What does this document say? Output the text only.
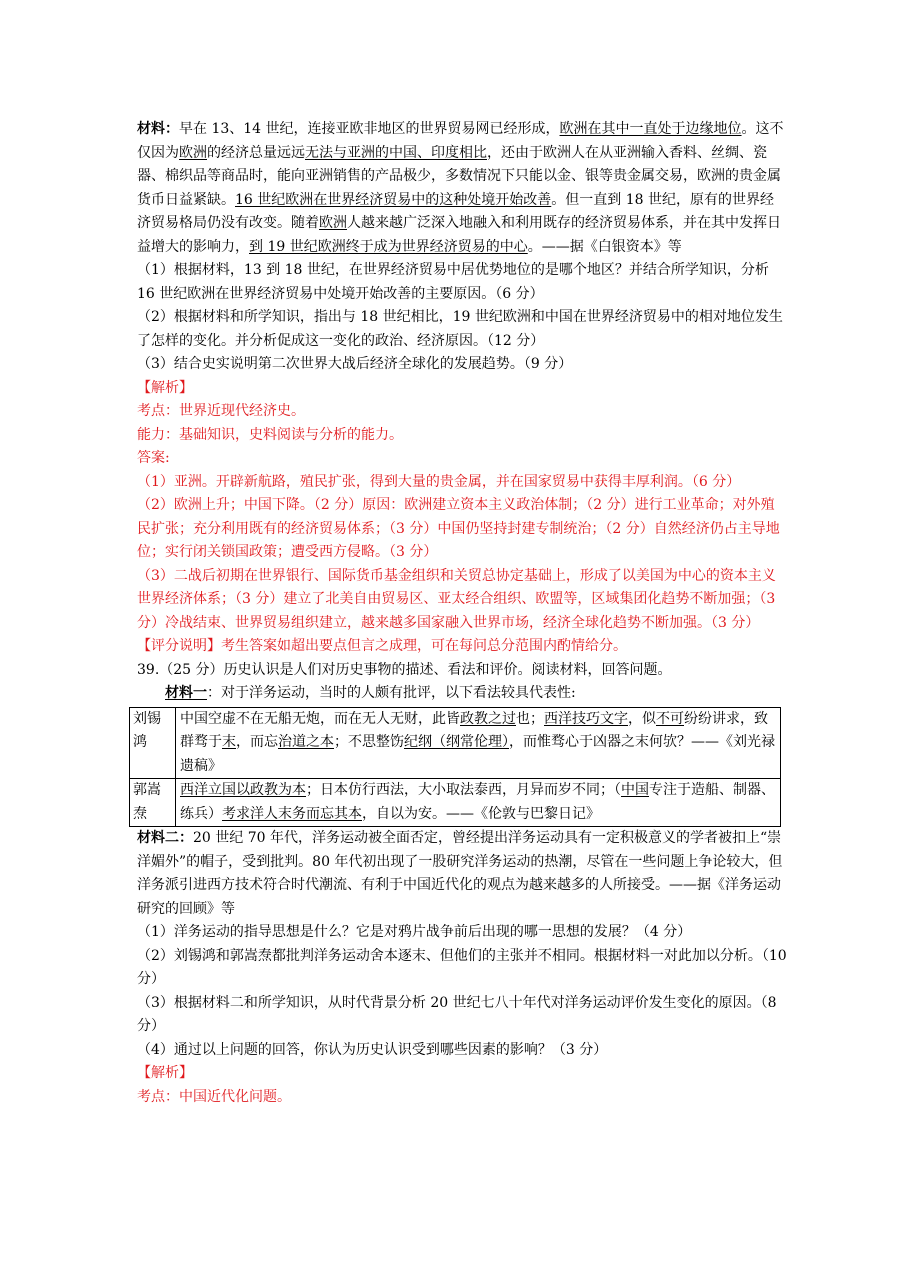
材料：早在 13、14 世纪，连接亚欧非地区的世界贸易网已经形成，欧洲在其中一直处于边缘地位。这不仅因为欧洲的经济总量远远无法与亚洲的中国、印度相比，还由于欧洲人在从亚洲输入香料、丝绸、瓷器、棉织品等商品时，能向亚洲销售的产品极少，多数情况下只能以金、银等贵金属交易，欧洲的贵金属货币日益紧缺。16 世纪欧洲在世界经济贸易中的这种处境开始改善。但一直到 18 世纪，原有的世界经济贸易格局仍没有改变。随着欧洲人越来越广泛深入地融入和利用既存的经济贸易体系，并在其中发挥日益增大的影响力，到 19 世纪欧洲终于成为世界经济贸易的中心。——据《白银资本》等

（1）根据材料，13 到 18 世纪，在世界经济贸易中居优势地位的是哪个地区？并结合所学知识，分析 16 世纪欧洲在世界经济贸易中处境开始改善的主要原因。（6 分）

（2）根据材料和所学知识，指出与 18 世纪相比，19 世纪欧洲和中国在世界经济贸易中的相对地位发生了怎样的变化。并分析促成这一变化的政治、经济原因。（12 分）

（3）结合史实说明第二次世界大战后经济全球化的发展趋势。（9 分）

【解析】

考点：世界近现代经济史。

能力：基础知识，史料阅读与分析的能力。

答案:

（1）亚洲。开辟新航路，殖民扩张，得到大量的贵金属，并在国家贸易中获得丰厚利润。（6 分）

（2）欧洲上升；中国下降。（2 分）原因：欧洲建立资本主义政治体制；（2 分）进行工业革命；对外殖民扩张；充分利用既有的经济贸易体系；（3 分）中国仍坚持封建专制统治；（2 分）自然经济仍占主导地位；实行闭关锁国政策；遭受西方侵略。（3 分）

（3）二战后初期在世界银行、国际货币基金组织和关贸总协定基础上，形成了以美国为中心的资本主义世界经济体系；（3 分）建立了北美自由贸易区、亚太经合组织、欧盟等，区域集团化趋势不断加强；（3 分）冷战结束、世界贸易组织建立，越来越多国家融入世界市场，经济全球化趋势不断加强。（3 分）

【评分说明】考生答案如超出要点但言之成理，可在每问总分范围内酌情给分。

39.（25 分）历史认识是人们对历史事物的描述、看法和评价。阅读材料，回答问题。

材料一：对于洋务运动，当时的人颇有批评，以下看法较具代表性:

刘锡鸿	中国空虚不在无船无炮，而在无人无财，此皆政教之过也；西洋技巧文字，似不可纷纷讲求，致群骛于末，而忘治道之本；不思整饬纪纲（纲常伦理），而惟骛心于凶器之末何欤？——《刘光禄遗稿》
郭嵩焘	西洋立国以政教为本；日本仿行西法，大小取法泰西，月异而岁不同；（中国专注于造船、制器、练兵）考求洋人末务而忘其本，自以为安。——《伦敦与巴黎日记》

材料二：20 世纪 70 年代，洋务运动被全面否定，曾经提出洋务运动具有一定积极意义的学者被扣上“崇洋媚外”的帽子，受到批判。80 年代初出现了一股研究洋务运动的热潮，尽管在一些问题上争论较大，但洋务派引进西方技术符合时代潮流、有利于中国近代化的观点为越来越多的人所接受。——据《洋务运动研究的回顾》等

（1）洋务运动的指导思想是什么？它是对鸦片战争前后出现的哪一思想的发展？（4 分）

（2）刘锡鸿和郭嵩焘都批判洋务运动舍本逐末、但他们的主张并不相同。根据材料一对此加以分析。（10 分）

（3）根据材料二和所学知识，从时代背景分析 20 世纪七八十年代对洋务运动评价发生变化的原因。（8 分）

（4）通过以上问题的回答，你认为历史认识受到哪些因素的影响？（3 分）

【解析】

考点：中国近代化问题。
